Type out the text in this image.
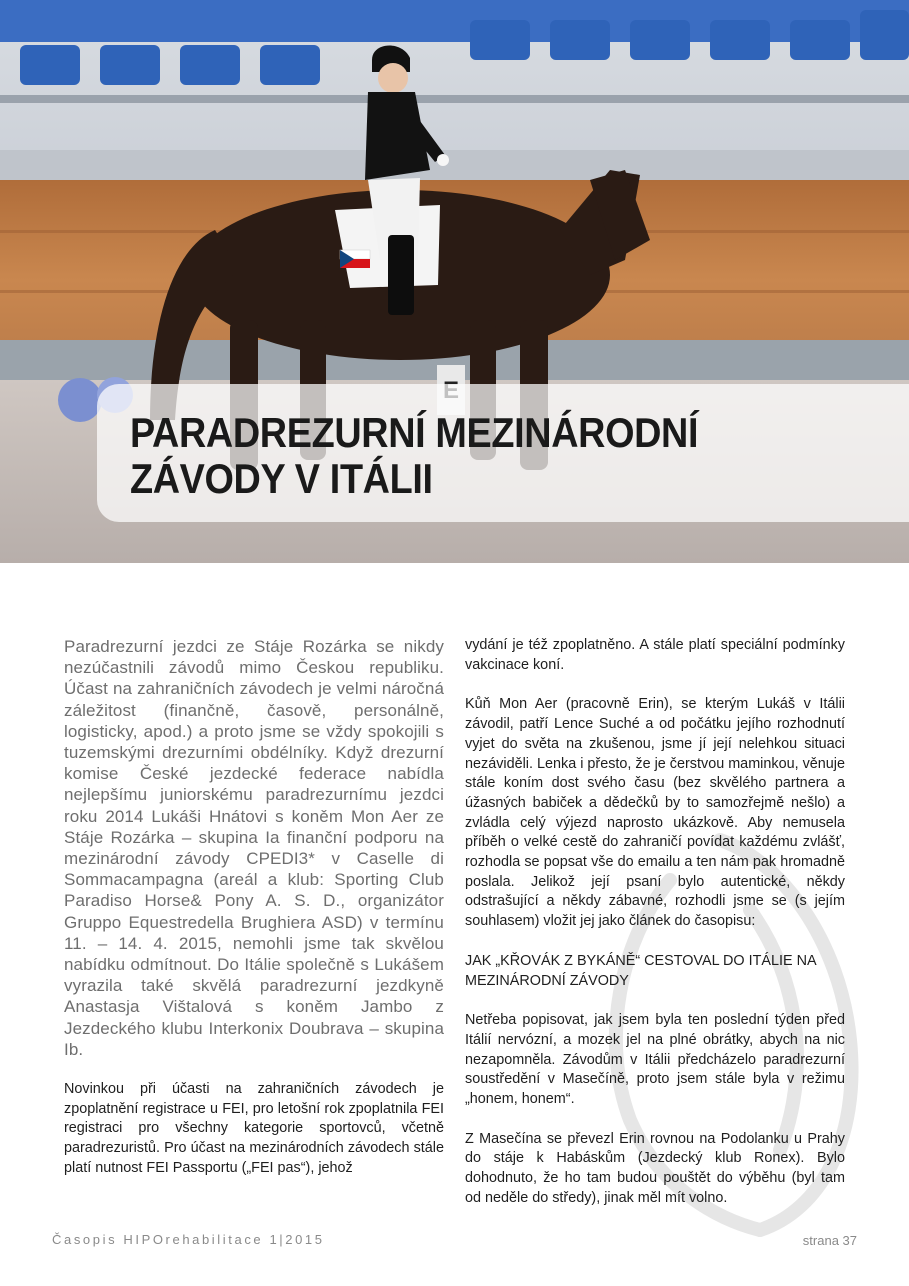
PARADREZURNÍ MEZINÁRODNÍ
ZÁVODY V ITÁLII

Paradrezurní jezdci ze Stáje Rozárka se nikdy nezúčastnili závodů mimo Českou republiku. Účast na zahraničních závodech je velmi náročná záležitost (finančně, časově, personálně, logisticky, apod.) a proto jsme se vždy spokojili s tuzemskými drezurními obdélníky. Když drezurní komise České jezdecké federace nabídla nejlepšímu juniorskému paradrezurnímu jezdci roku 2014 Lukáši Hnátovi s koněm Mon Aer ze Stáje Rozárka – skupina Ia finanční podporu na mezinárodní závody CPEDI3* v Caselle di Sommacampagna (areál a klub: Sporting Club Paradiso Horse& Pony A. S. D., organizátor Gruppo Equestredella Brughiera ASD) v termínu 11. – 14. 4. 2015, nemohli jsme tak skvělou nabídku odmítnout. Do Itálie společně s Lukášem vyrazila také skvělá paradrezurní jezdkyně Anastasja Vištalová s koněm Jambo z Jezdeckého klubu Interkonix Doubrava – skupina Ib.

Novinkou při účasti na zahraničních závodech je zpoplatnění registrace u FEI, pro letošní rok zpoplatnila FEI registraci pro všechny kategorie sportovců, včetně paradrezuristů. Pro účast na mezinárodních závodech stále platí nutnost FEI Passportu („FEI pas“), jehož

vydání je též zpoplatněno. A stále platí speciální podmínky vakcinace koní.

Kůň Mon Aer (pracovně Erin), se kterým Lukáš v Itálii závodil, patří Lence Suché a od počátku jejího rozhodnutí vyjet do světa na zkušenou, jsme jí její nelehkou situaci nezáviděli. Lenka i přesto, že je čerstvou maminkou, věnuje stále koním dost svého času (bez skvělého partnera a úžasných babiček a dědečků by to samozřejmě nešlo) a zvládla celý výjezd naprosto ukázkově. Aby nemusela příběh o velké cestě do zahraničí povídat každému zvlášť, rozhodla se popsat vše do emailu a ten nám pak hromadně poslala. Jelikož její psaní bylo autentické, někdy odstrašující a někdy zábavné, rozhodli jsme se (s jejím souhlasem) vložit jej jako článek do časopisu:

JAK „KŘOVÁK Z BYKÁNĚ“ CESTOVAL DO ITÁLIE NA MEZINÁRODNÍ ZÁVODY

Netřeba popisovat, jak jsem byla ten poslední týden před Itálií nervózní, a mozek jel na plné obrátky, abych na nic nezapomněla. Závodům v Itálii předcházelo paradrezurní soustředění v Masečíně, proto jsem stále byla v režimu „honem, honem“.

Z Masečína se převezl Erin rovnou na Podolanku u Prahy do stáje k Habáskům (Jezdecký klub Ronex). Bylo dohodnuto, že ho tam budou pouštět do výběhu (byl tam od neděle do středy), jinak měl mít volno.

Časopis HIPOrehabilitace 1|2015	strana 37
